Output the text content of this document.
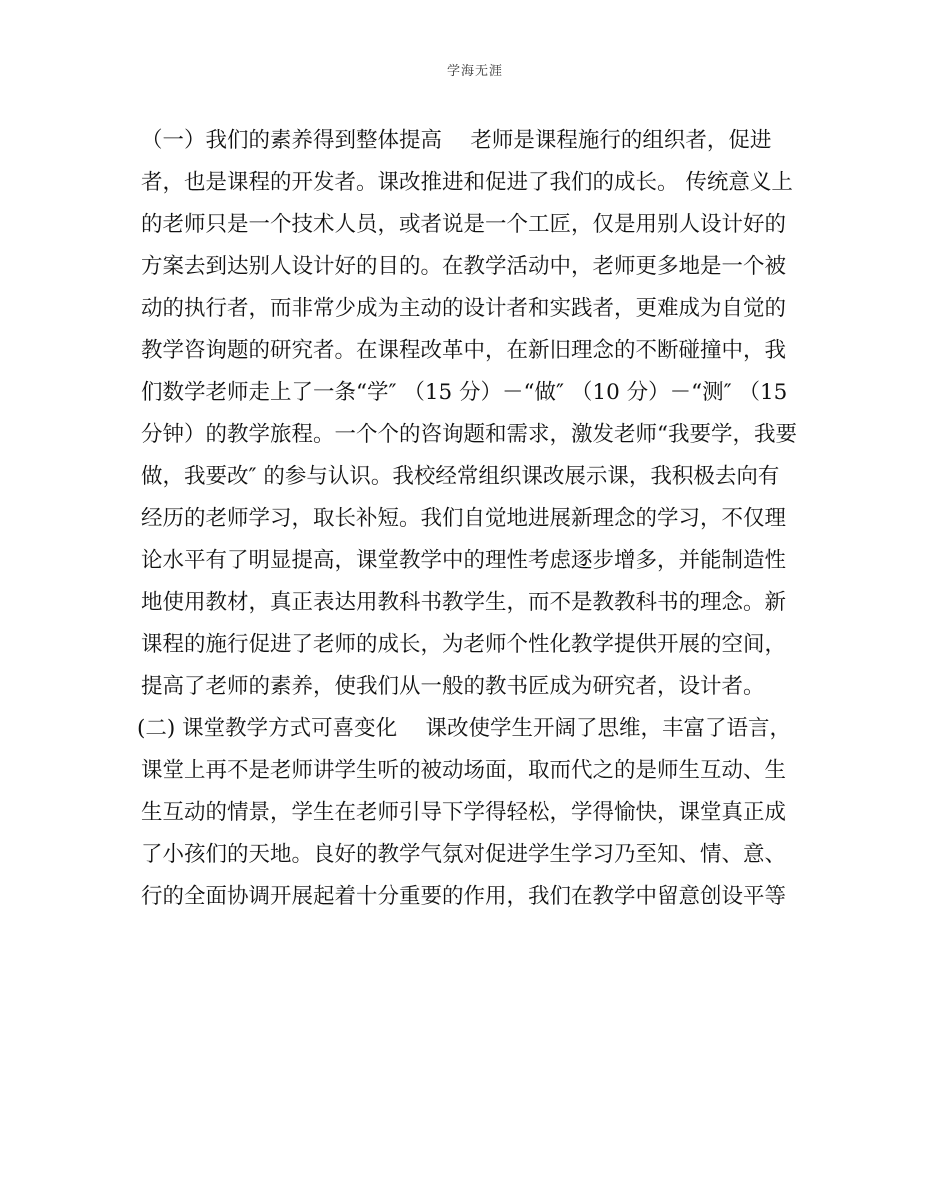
学海无涯
（一）我们的素养得到整体提高　 老师是课程施行的组织者，促进
者，也是课程的开发者。课改推进和促进了我们的成长。 传统意义上
的老师只是一个技术人员，或者说是一个工匠，仅是用别人设计好的
方案去到达别人设计好的目的。在教学活动中，老师更多地是一个被
动的执行者，而非常少成为主动的设计者和实践者，更难成为自觉的
教学咨询题的研究者。在课程改革中，在新旧理念的不断碰撞中，我
们数学老师走上了一条“学″ （15 分）－“做″ （10 分）－“测″ （15
分钟）的教学旅程。一个个的咨询题和需求，激发老师“我要学，我要
做，我要改″ 的参与认识。我校经常组织课改展示课，我积极去向有
经历的老师学习，取长补短。我们自觉地进展新理念的学习，不仅理
论水平有了明显提高，课堂教学中的理性考虑逐步增多，并能制造性
地使用教材，真正表达用教科书教学生，而不是教教科书的理念。新
课程的施行促进了老师的成长，为老师个性化教学提供开展的空间，
提高了老师的素养，使我们从一般的教书匠成为研究者，设计者。
(二) 课堂教学方式可喜变化　 课改使学生开阔了思维，丰富了语言，
课堂上再不是老师讲学生听的被动场面，取而代之的是师生互动、生
生互动的情景，学生在老师引导下学得轻松，学得愉快，课堂真正成
了小孩们的天地。良好的教学气氛对促进学生学习乃至知、情、意、
行的全面协调开展起着十分重要的作用，我们在教学中留意创设平等
